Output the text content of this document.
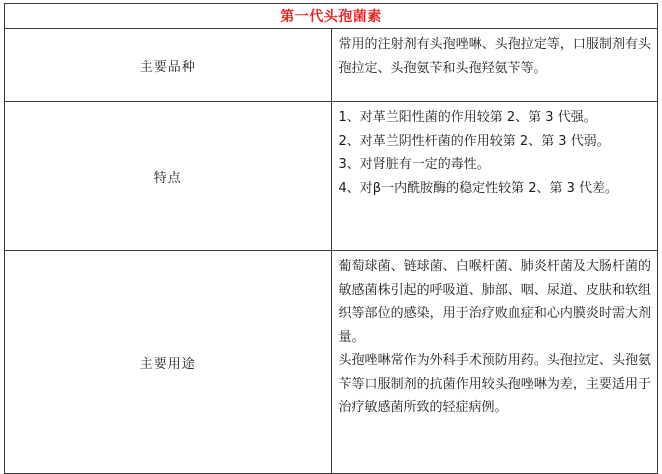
第一代头孢菌素	
主要品种	常用的注射剂有头孢唑啉、头孢拉定等，口服制剂有头孢拉定、头孢氨苄和头孢羟氨苄等。

特点	1、对革兰阳性菌的作用较第 2、第 3 代强。
2、对革兰阴性杆菌的作用较第 2、第 3 代弱。
3、对肾脏有一定的毒性。
4、对β一内酰胺酶的稳定性较第 2、第 3 代差。

主要用途	葡萄球菌、链球菌、白喉杆菌、肺炎杆菌及大肠杆菌的敏感菌株引起的呼吸道、肺部、咽、尿道、皮肤和软组织等部位的感染，用于治疗败血症和心内膜炎时需大剂量。
头孢唑啉常作为外科手术预防用药。头孢拉定、头孢氨苄等口服制剂的抗菌作用较头孢唑啉为差，主要适用于治疗敏感菌所致的轻症病例。
